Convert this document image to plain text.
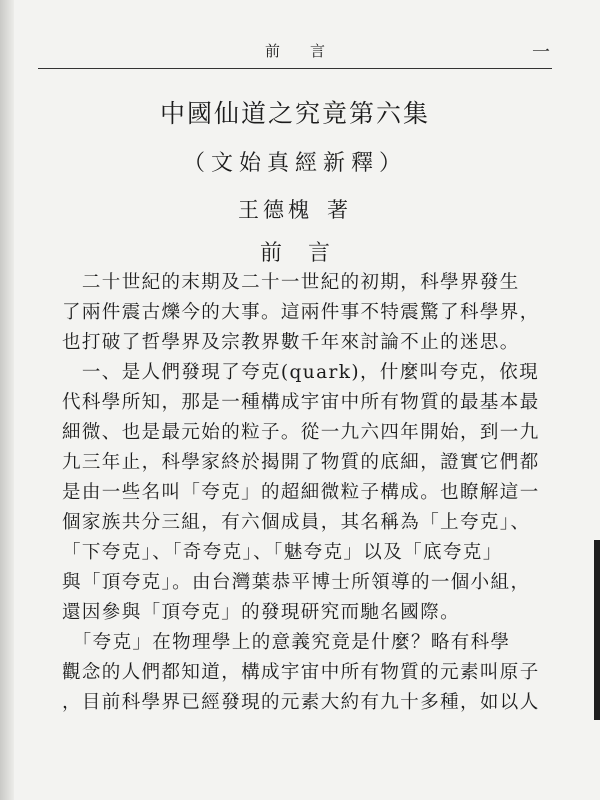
前言	一
中國仙道之究竟第六集
（文始真經新釋）
王德槐 著
前言
　二十世紀的末期及二十一世紀的初期，科學界發生
了兩件震古爍今的大事。這兩件事不特震驚了科學界，
也打破了哲學界及宗教界數千年來討論不止的迷思。
　一、是人們發現了夸克(quark)，什麼叫夸克，依現
代科學所知，那是一種構成宇宙中所有物質的最基本最
細微、也是最元始的粒子。從一九六四年開始，到一九
九三年止，科學家終於揭開了物質的底細，證實它們都
是由一些名叫「夸克」的超細微粒子構成。也瞭解這一
個家族共分三組，有六個成員，其名稱為「上夸克」、
「下夸克」、「奇夸克」、「魅夸克」以及「底夸克」
與「頂夸克」。由台灣葉恭平博士所領導的一個小組，
還因參與「頂夸克」的發現研究而馳名國際。
　「夸克」在物理學上的意義究竟是什麼？略有科學
觀念的人們都知道，構成宇宙中所有物質的元素叫原子
，目前科學界已經發現的元素大約有九十多種，如以人
